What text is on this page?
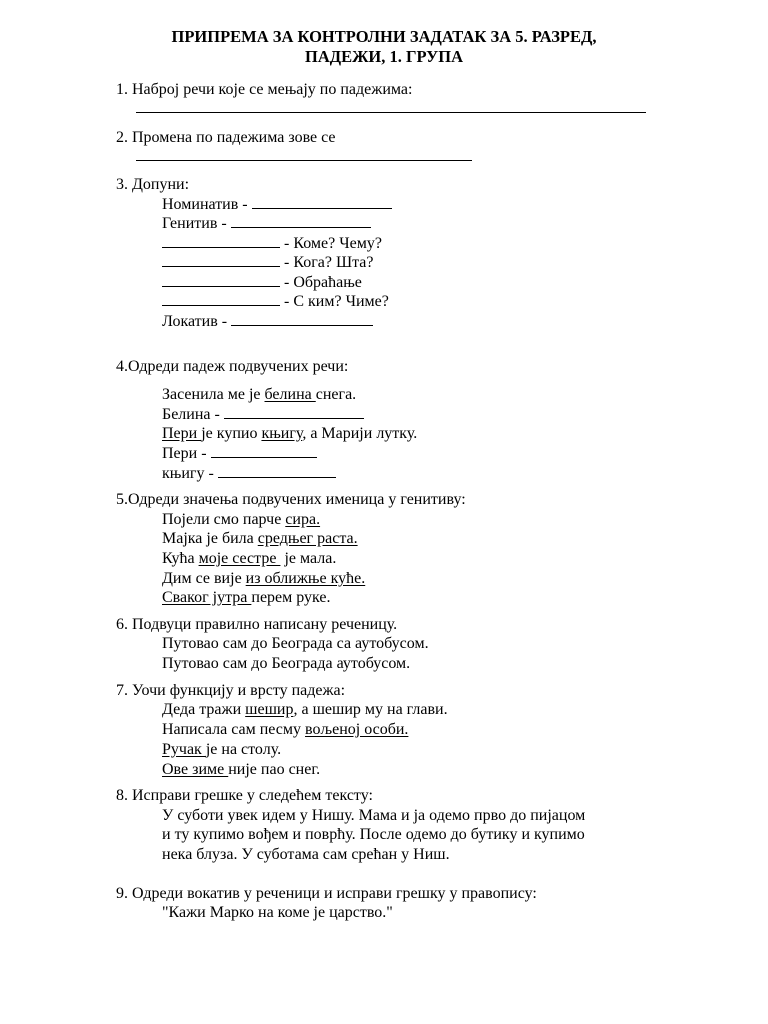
ПРИПРЕМА ЗА КОНТРОЛНИ ЗАДАТАК ЗА 5. РАЗРЕД,
ПАДЕЖИ, 1. ГРУПА
1. Наброј речи које се мењају по падежима:
2. Промена по падежима зове се
3. Допуни:
Номинатив -
Генитив -
- Коме? Чему?
- Кога? Шта?
- Обраћање
- С ким? Чиме?
Локатив -
4.Одреди падеж подвучених речи:
Засенила ме је белина снега.
Белина -
Пери је купио књигу, а Марији лутку.
Пери -
књигу -
5.Одреди значења подвучених именица у генитиву:
Појели смо парче сира.
Мајка је била средњег раста.
Кућа моје сестре  је мала.
Дим се вије из оближње куће.
Сваког јутра перем руке.
6. Подвуци правилно написану реченицу.
Путовао сам до Београда са аутобусом.
Путовао сам до Београда аутобусом.
7. Уочи функцију и врсту падежа:
Деда тражи шешир, а шешир му на глави.
Написала сам песму вољеној особи.
Ручак је на столу.
Ове зиме није пао снег.
8. Исправи грешке у следећем тексту:
У суботи увек идем у Нишу. Мама и ја одемо прво до пијацом
и ту купимо вођем и поврћу. После одемо до бутику и купимо
нека блуза. У суботама сам срећан у Ниш.
9. Одреди вокатив у реченици и исправи грешку у правопису:
"Кажи Марко на коме је царство."
